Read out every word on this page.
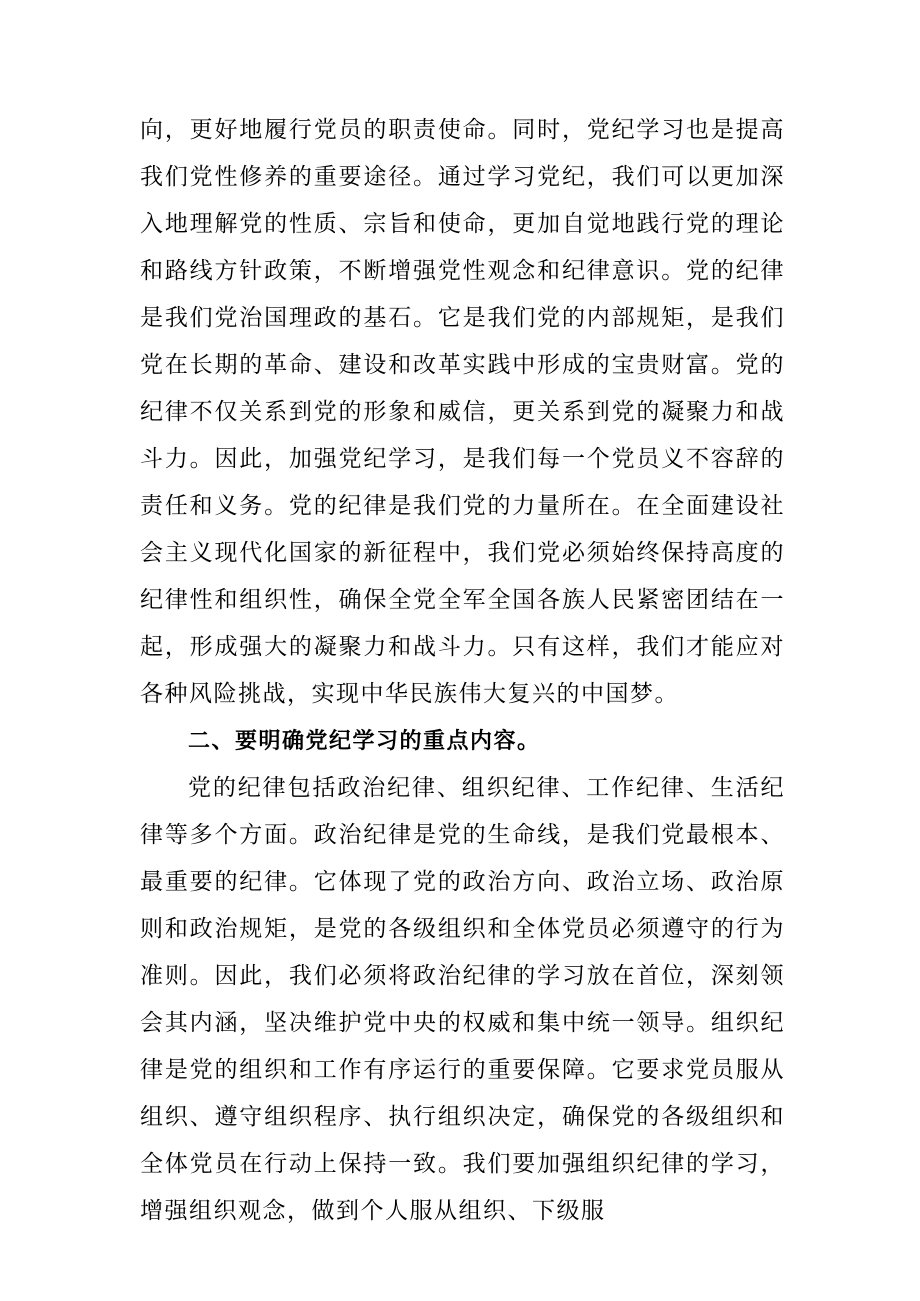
向，更好地履行党员的职责使命。同时，党纪学习也是提高我们党性修养的重要途径。通过学习党纪，我们可以更加深入地理解党的性质、宗旨和使命，更加自觉地践行党的理论和路线方针政策，不断增强党性观念和纪律意识。党的纪律是我们党治国理政的基石。它是我们党的内部规矩，是我们党在长期的革命、建设和改革实践中形成的宝贵财富。党的纪律不仅关系到党的形象和威信，更关系到党的凝聚力和战斗力。因此，加强党纪学习，是我们每一个党员义不容辞的责任和义务。党的纪律是我们党的力量所在。在全面建设社会主义现代化国家的新征程中，我们党必须始终保持高度的纪律性和组织性，确保全党全军全国各族人民紧密团结在一起，形成强大的凝聚力和战斗力。只有这样，我们才能应对各种风险挑战，实现中华民族伟大复兴的中国梦。

二、要明确党纪学习的重点内容。

党的纪律包括政治纪律、组织纪律、工作纪律、生活纪律等多个方面。政治纪律是党的生命线，是我们党最根本、最重要的纪律。它体现了党的政治方向、政治立场、政治原则和政治规矩，是党的各级组织和全体党员必须遵守的行为准则。因此，我们必须将政治纪律的学习放在首位，深刻领会其内涵，坚决维护党中央的权威和集中统一领导。组织纪律是党的组织和工作有序运行的重要保障。它要求党员服从组织、遵守组织程序、执行组织决定，确保党的各级组织和全体党员在行动上保持一致。我们要加强组织纪律的学习，增强组织观念，做到个人服从组织、下级服
